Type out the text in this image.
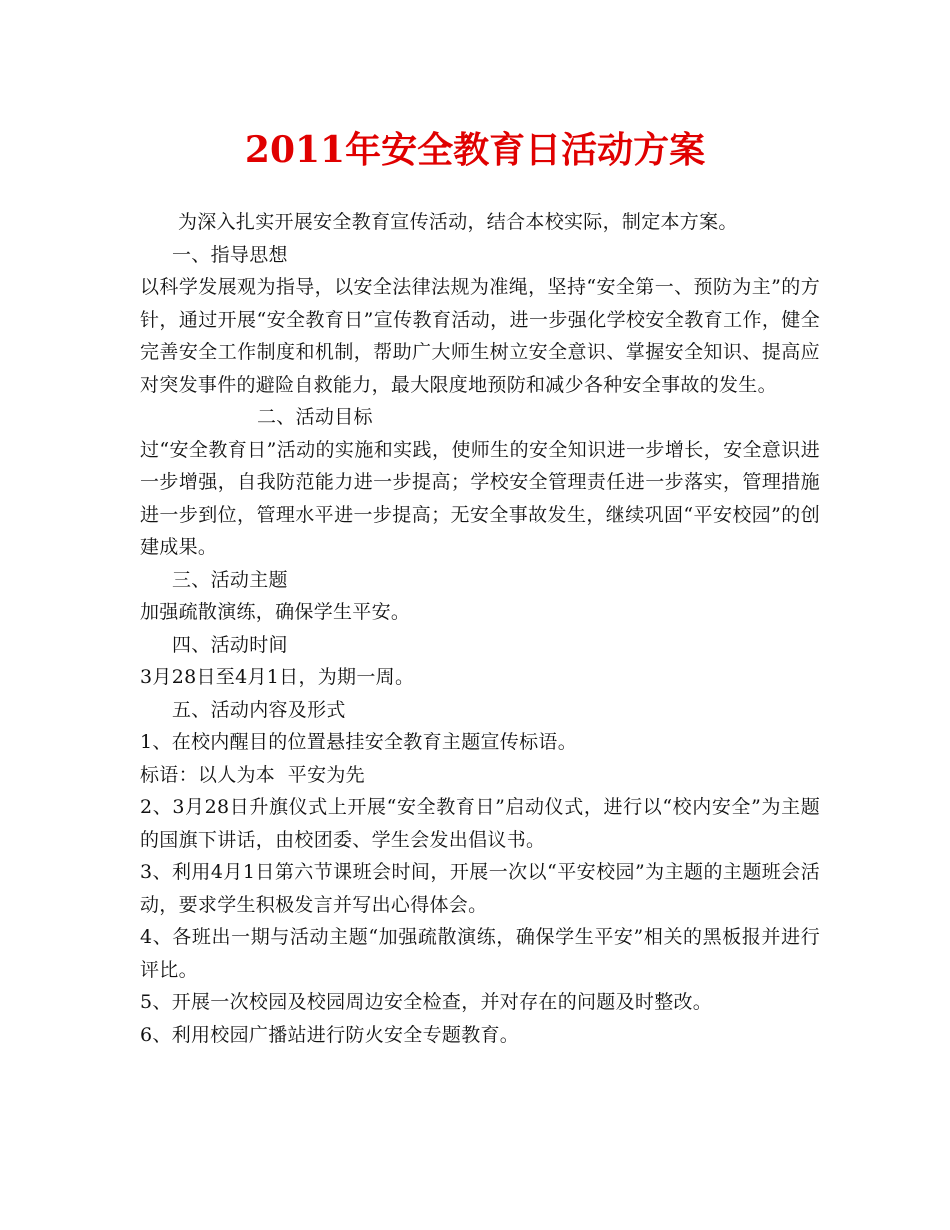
2011年安全教育日活动方案

为深入扎实开展安全教育宣传活动，结合本校实际，制定本方案。

一、指导思想

以科学发展观为指导，以安全法律法规为准绳，坚持“安全第一、预防为主”的方针，通过开展“安全教育日”宣传教育活动，进一步强化学校安全教育工作，健全完善安全工作制度和机制，帮助广大师生树立安全意识、掌握安全知识、提高应对突发事件的避险自救能力，最大限度地预防和减少各种安全事故的发生。

二、活动目标

过“安全教育日”活动的实施和实践，使师生的安全知识进一步增长，安全意识进一步增强，自我防范能力进一步提高；学校安全管理责任进一步落实，管理措施进一步到位，管理水平进一步提高；无安全事故发生，继续巩固“平安校园”的创建成果。

三、活动主题

加强疏散演练，确保学生平安。

四、活动时间

3月28日至4月1日，为期一周。

五、活动内容及形式

1、在校内醒目的位置悬挂安全教育主题宣传标语。

标语：以人为本  平安为先

2、3月28日升旗仪式上开展“安全教育日”启动仪式，进行以“校内安全”为主题的国旗下讲话，由校团委、学生会发出倡议书。

3、利用4月1日第六节课班会时间，开展一次以“平安校园”为主题的主题班会活动，要求学生积极发言并写出心得体会。

4、各班出一期与活动主题“加强疏散演练，确保学生平安”相关的黑板报并进行评比。

5、开展一次校园及校园周边安全检查，并对存在的问题及时整改。

6、利用校园广播站进行防火安全专题教育。
